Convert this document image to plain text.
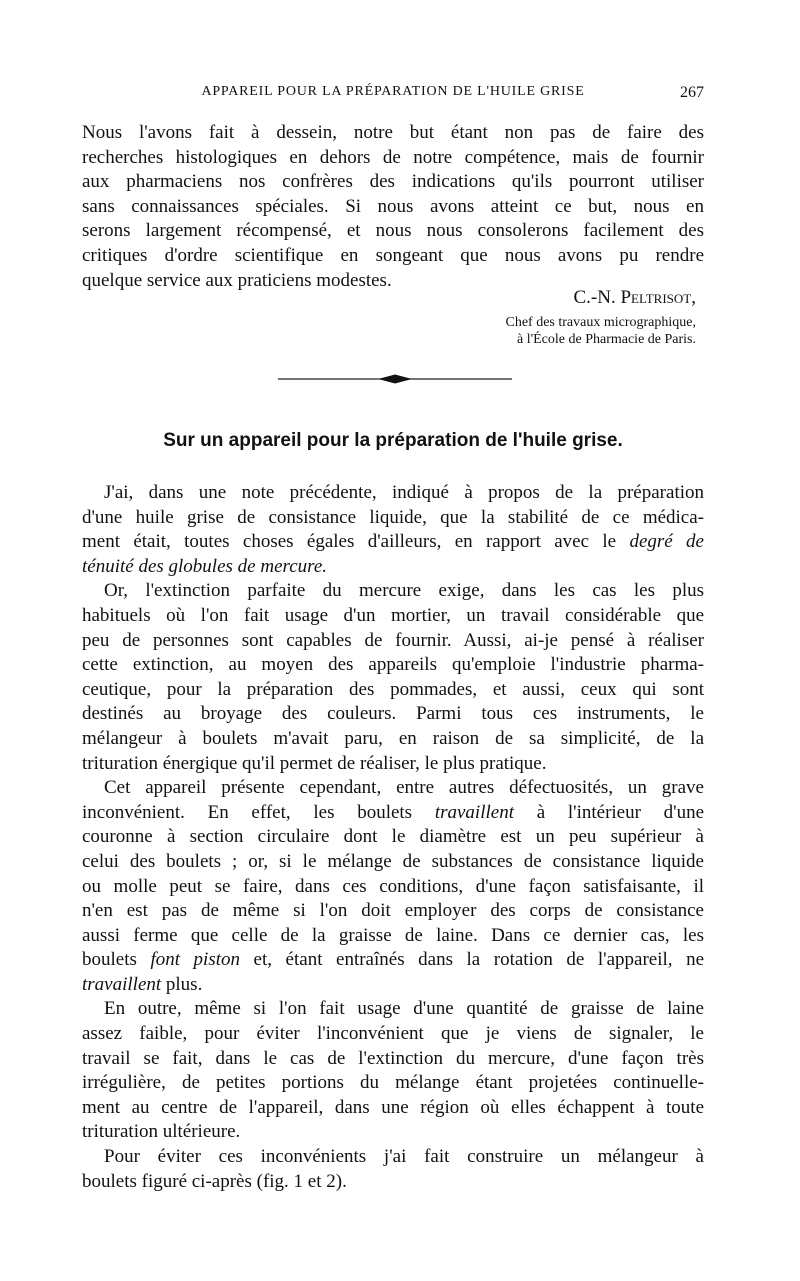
APPAREIL POUR LA PRÉPARATION DE L'HUILE GRISE	267
Nous l'avons fait à dessein, notre but étant non pas de faire des
recherches histologiques en dehors de notre compétence, mais de fournir
aux pharmaciens nos confrères des indications qu'ils pourront utiliser
sans connaissances spéciales. Si nous avons atteint ce but, nous en
serons largement récompensé, et nous nous consolerons facilement des
critiques d'ordre scientifique en songeant que nous avons pu rendre
quelque service aux praticiens modestes.
C.-N. Peltrisot,
Chef des travaux micrographique,
à l'École de Pharmacie de Paris.
Sur un appareil pour la préparation de l'huile grise.
J'ai, dans une note précédente, indiqué à propos de la préparation
d'une huile grise de consistance liquide, que la stabilité de ce médica-
ment était, toutes choses égales d'ailleurs, en rapport avec le degré de
ténuité des globules de mercure.
Or, l'extinction parfaite du mercure exige, dans les cas les plus
habituels où l'on fait usage d'un mortier, un travail considérable que
peu de personnes sont capables de fournir. Aussi, ai-je pensé à réaliser
cette extinction, au moyen des appareils qu'emploie l'industrie pharma-
ceutique, pour la préparation des pommades, et aussi, ceux qui sont
destinés au broyage des couleurs. Parmi tous ces instruments, le
mélangeur à boulets m'avait paru, en raison de sa simplicité, de la
trituration énergique qu'il permet de réaliser, le plus pratique.
Cet appareil présente cependant, entre autres défectuosités, un grave
inconvénient. En effet, les boulets travaillent à l'intérieur d'une
couronne à section circulaire dont le diamètre est un peu supérieur à
celui des boulets ; or, si le mélange de substances de consistance liquide
ou molle peut se faire, dans ces conditions, d'une façon satisfaisante, il
n'en est pas de même si l'on doit employer des corps de consistance
aussi ferme que celle de la graisse de laine. Dans ce dernier cas, les
boulets font piston et, étant entraînés dans la rotation de l'appareil, ne
travaillent plus.
En outre, même si l'on fait usage d'une quantité de graisse de laine
assez faible, pour éviter l'inconvénient que je viens de signaler, le
travail se fait, dans le cas de l'extinction du mercure, d'une façon très
irrégulière, de petites portions du mélange étant projetées continuelle-
ment au centre de l'appareil, dans une région où elles échappent à toute
trituration ultérieure.
Pour éviter ces inconvénients j'ai fait construire un mélangeur à
boulets figuré ci-après (fig. 1 et 2).
